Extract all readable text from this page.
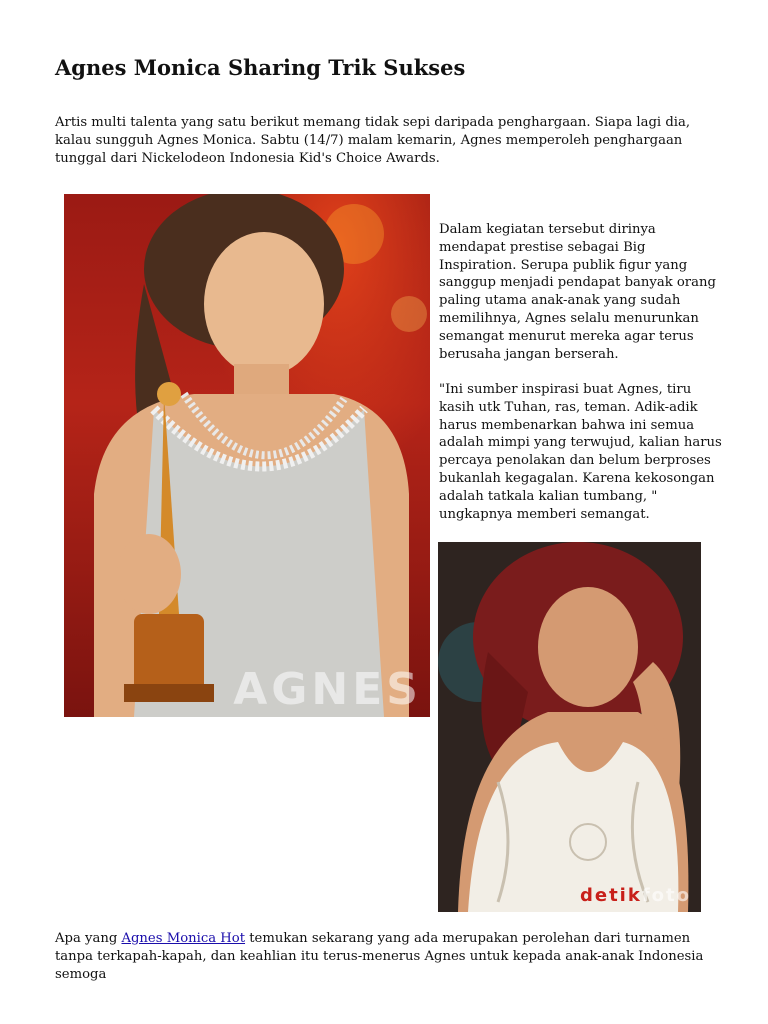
Agnes Monica Sharing Trik Sukses

Artis multi talenta yang satu berikut memang tidak sepi daripada penghargaan. Siapa lagi dia, kalau sungguh Agnes Monica. Sabtu (14/7) malam kemarin, Agnes memperoleh penghargaan tunggal dari Nickelodeon Indonesia Kid's Choice Awards.

AGNES

Dalam kegiatan tersebut dirinya mendapat prestise sebagai Big Inspiration. Serupa publik figur yang sanggup menjadi pendapat banyak orang paling utama anak-anak yang sudah memilihnya, Agnes selalu menurunkan semangat menurut mereka agar terus berusaha jangan berserah.

"Ini sumber inspirasi buat Agnes, tiru kasih utk Tuhan, ras, teman. Adik-adik harus membenarkan bahwa ini semua adalah mimpi yang terwujud, kalian harus percaya penolakan dan belum berproses bukanlah kegagalan. Karena kekosongan adalah tatkala kalian tumbang, " ungkapnya memberi semangat.

detikfoto

Apa yang Agnes Monica Hot temukan sekarang yang ada merupakan perolehan dari turnamen tanpa terkapah-kapah, dan keahlian itu terus-menerus Agnes untuk kepada anak-anak Indonesia semoga
